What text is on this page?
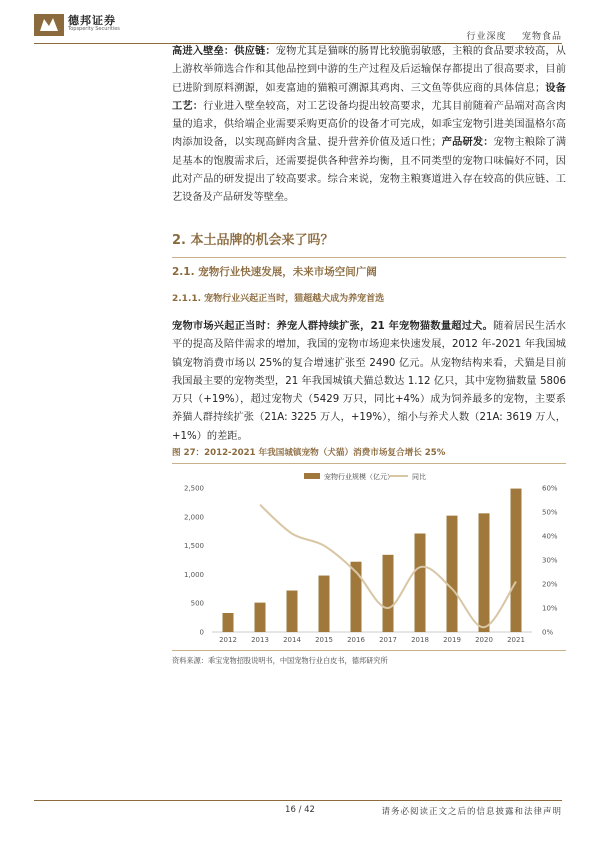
德邦证券
Topsperity Securities
行业深度 宠物食品

高进入壁垒：供应链：宠物尤其是猫咪的肠胃比较脆弱敏感，主粮的食品要求较高，从上游枚举筛选合作和其他品控到中游的生产过程及后运输保存都提出了很高要求，目前已进阶到原料溯源，如麦富迪的猫粮可溯源其鸡肉、三文鱼等供应商的具体信息；设备工艺：行业进入壁垒较高，对工艺设备均提出较高要求，尤其目前随着产品端对高含肉量的追求，供给端企业需要采购更高价的设备才可完成，如乖宝宠物引进美国温格尔高肉添加设备，以实现高鲜肉含量、提升营养价值及适口性；产品研发：宠物主粮除了满足基本的饱腹需求后，还需要提供各种营养均衡，且不同类型的宠物口味偏好不同，因此对产品的研发提出了较高要求。综合来说，宠物主粮赛道进入存在较高的供应链、工艺设备及产品研发等壁垒。

2. 本土品牌的机会来了吗？
2.1. 宠物行业快速发展，未来市场空间广阔
2.1.1. 宠物行业兴起正当时，猫超越犬成为养宠首选

宠物市场兴起正当时：养宠人群持续扩张，21 年宠物猫数量超过犬。随着居民生活水平的提高及陪伴需求的增加，我国的宠物市场迎来快速发展，2012 年-2021 年我国城镇宠物消费市场以 25%的复合增速扩张至 2490 亿元。从宠物结构来看，犬猫是目前我国最主要的宠物类型，21 年我国城镇犬猫总数达 1.12 亿只，其中宠物猫数量 5806 万只（+19%），超过宠物犬（5429 万只，同比+4%）成为饲养最多的宠物，主要系养猫人群持续扩张（21A: 3225 万人，+19%），缩小与养犬人数（21A: 3619 万人，+1%）的差距。

图 27：2012-2021 年我国城镇宠物（犬猫）消费市场复合增长 25%
0
500
1,000
1,500
2,000
2,500
0%
10%
20%
30%
40%
50%
60%
2012 2013 2014 2015 2016 2017 2018 2019 2020 2021
宠物行业规模（亿元）	同比
资料来源：乖宝宠物招股说明书，中国宠物行业白皮书，德邦研究所
16 / 42	请务必阅读正文之后的信息披露和法律声明
